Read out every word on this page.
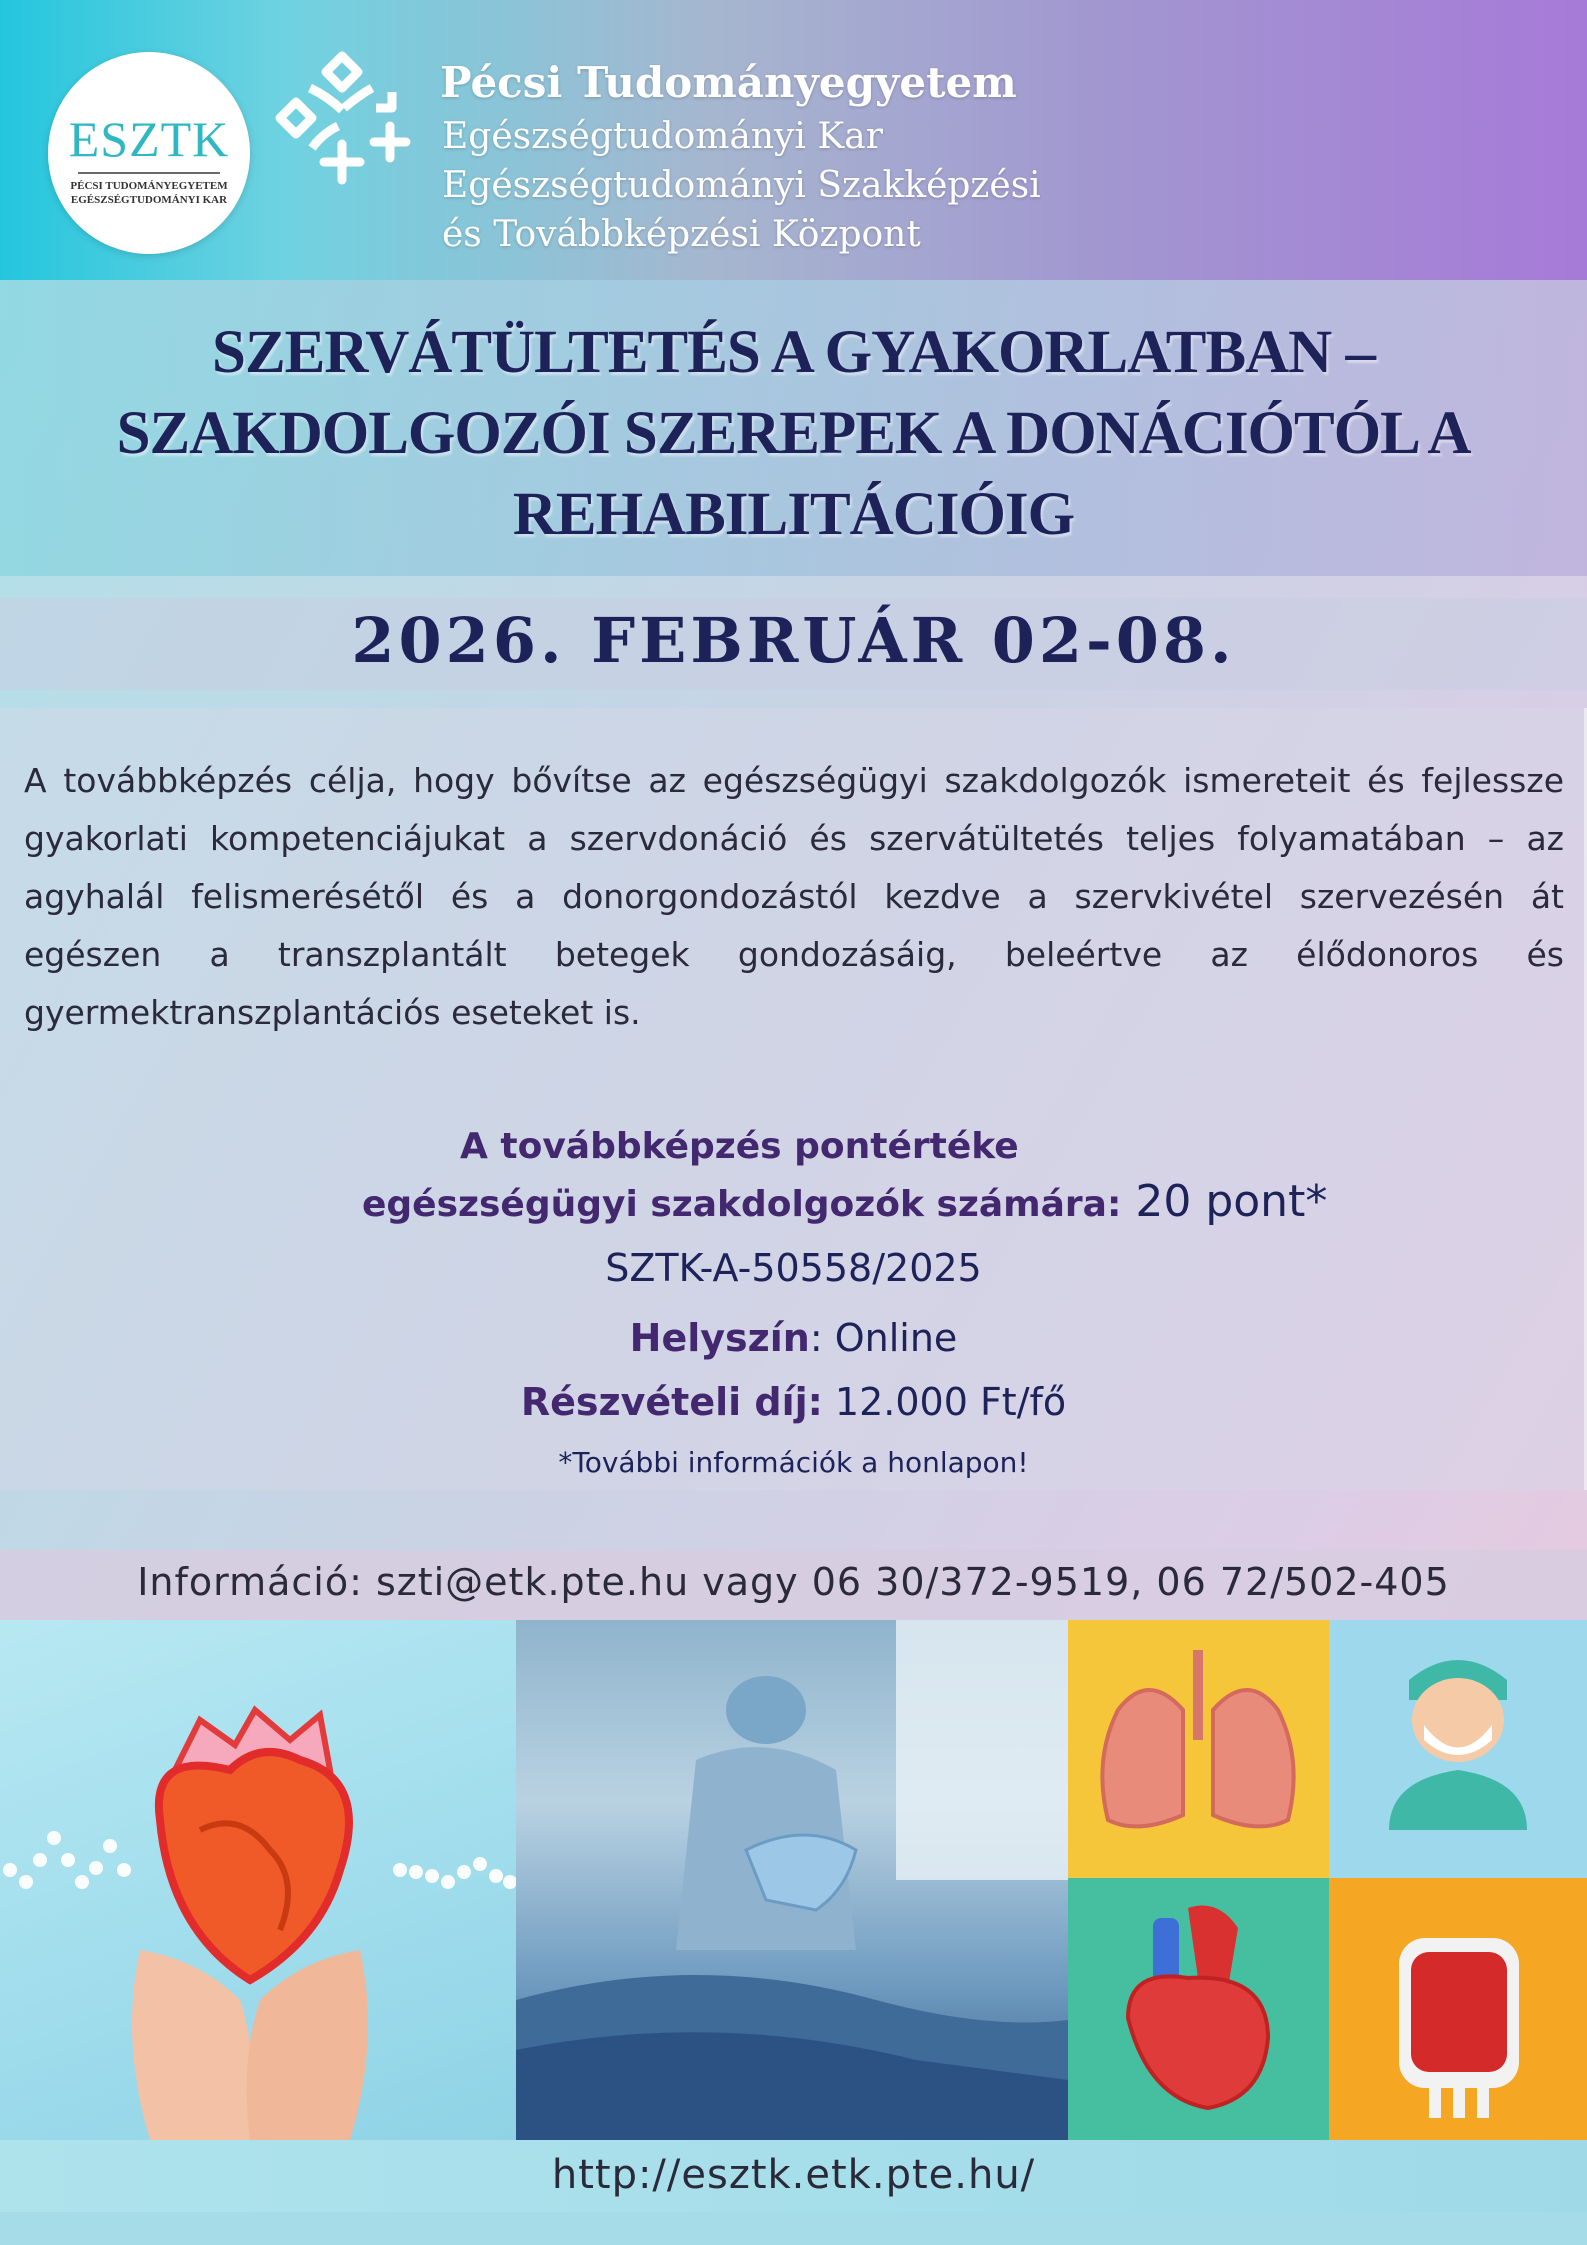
ESZTK
PÉCSI TUDOMÁNYEGYETEM
EGÉSZSÉGTUDOMÁNYI KAR
Pécsi Tudományegyetem
Egészségtudományi Kar
Egészségtudományi Szakképzési
és Továbbképzési Központ
SZERVÁTÜLTETÉS A GYAKORLATBAN – SZAKDOLGOZÓI SZEREPEK A DONÁCIÓTÓL A REHABILITÁCIÓIG
2026. FEBRUÁR 02-08.
A továbbképzés célja, hogy bővítse az egészségügyi szakdolgozók ismereteit és fejlessze gyakorlati kompetenciájukat a szervdonáció és szervátültetés teljes folyamatában – az agyhalál felismerésétől és a donorgondozástól kezdve a szervkivétel szervezésén át egészen a transzplantált betegek gondozásáig, beleértve az élődonoros és gyermektranszplantációs eseteket is.
A továbbképzés pontértéke
egészségügyi szakdolgozók számára: 20 pont*
SZTK-A-50558/2025
Helyszín: Online
Részvételi díj: 12.000 Ft/fő
*További információk a honlapon!
Információ: szti@etk.pte.hu vagy 06 30/372-9519, 06 72/502-405
http://esztk.etk.pte.hu/
